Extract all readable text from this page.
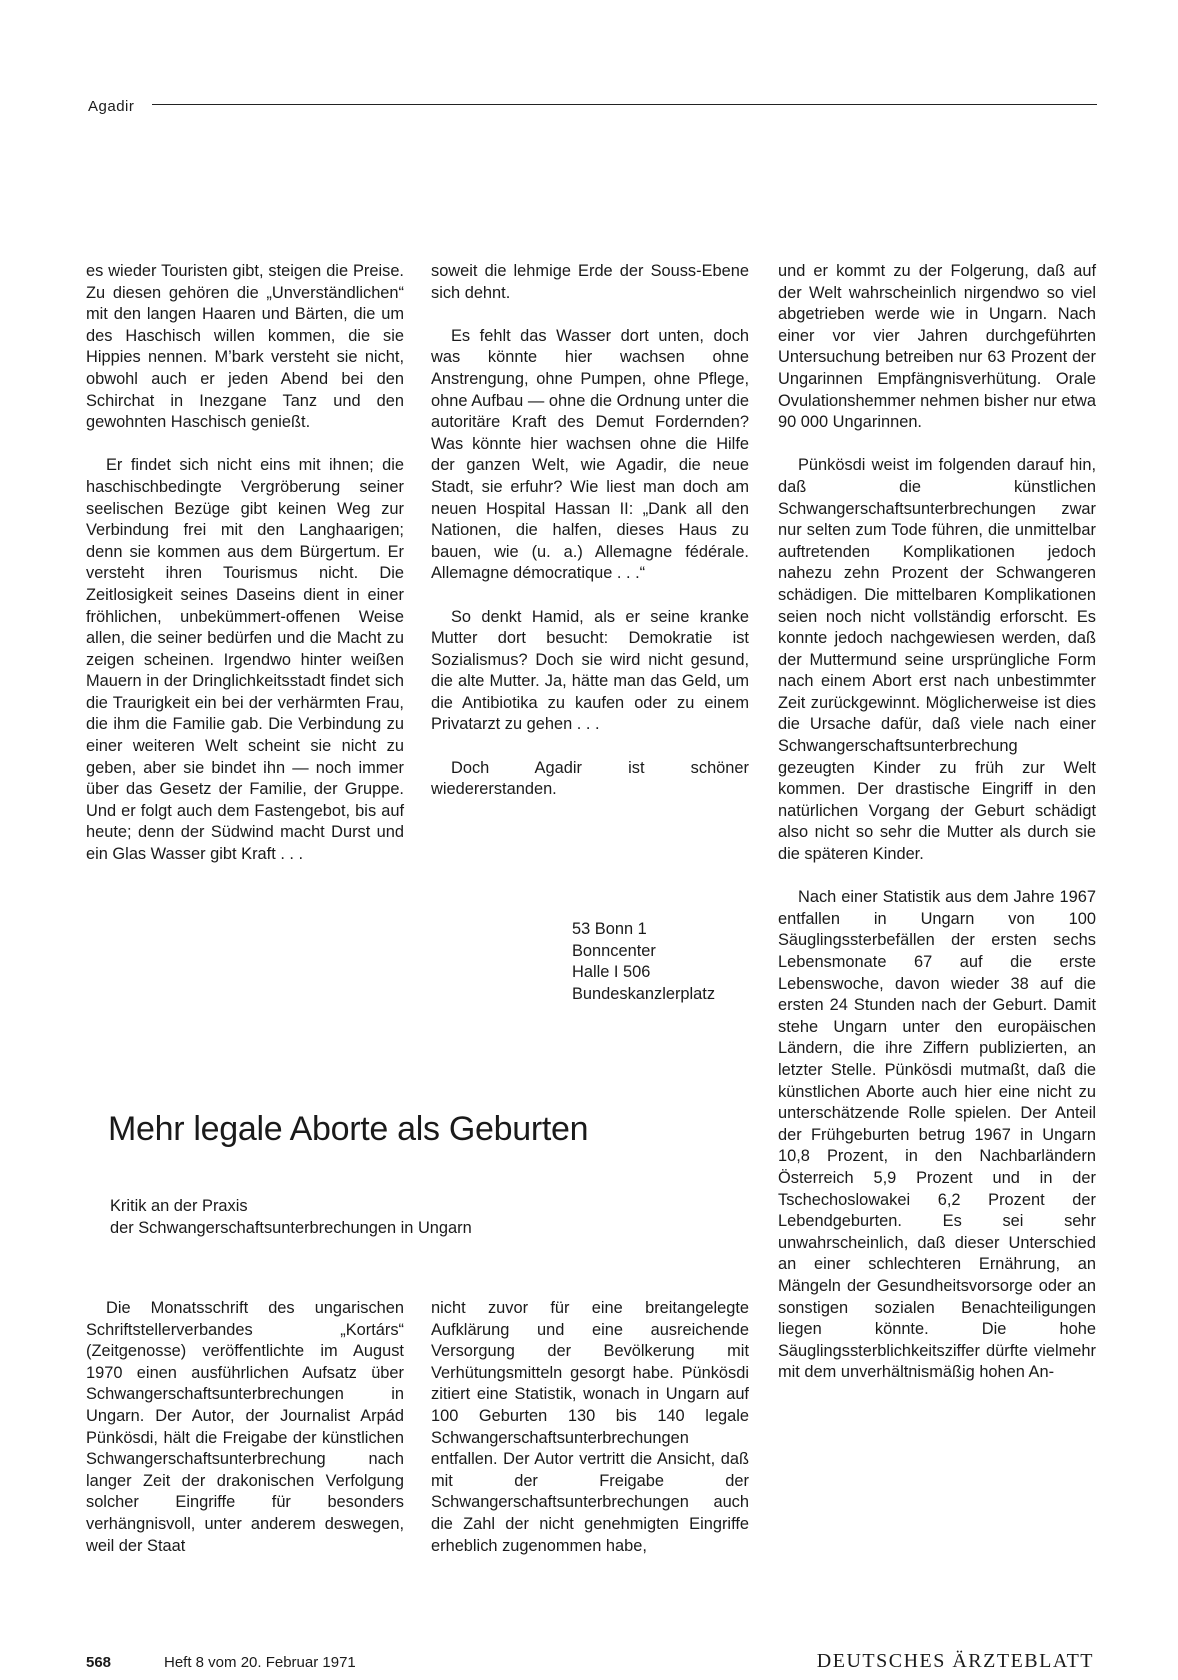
Agadir

es wieder Touristen gibt, steigen die Preise. Zu diesen gehören die „Unverständlichen“ mit den langen Haaren und Bärten, die um des Haschisch willen kommen, die sie Hippies nennen. M’bark versteht sie nicht, obwohl auch er jeden Abend bei den Schirchat in Inezgane Tanz und den gewohnten Haschisch genießt.

Er findet sich nicht eins mit ihnen; die haschischbedingte Vergröberung seiner seelischen Bezüge gibt keinen Weg zur Verbindung frei mit den Langhaarigen; denn sie kommen aus dem Bürgertum. Er versteht ihren Tourismus nicht. Die Zeitlosigkeit seines Daseins dient in einer fröhlichen, unbekümmert-offenen Weise allen, die seiner bedürfen und die Macht zu zeigen scheinen. Irgendwo hinter weißen Mauern in der Dringlichkeitsstadt findet sich die Traurigkeit ein bei der verhärmten Frau, die ihm die Familie gab. Die Verbindung zu einer weiteren Welt scheint sie nicht zu geben, aber sie bindet ihn — noch immer über das Gesetz der Familie, der Gruppe. Und er folgt auch dem Fastengebot, bis auf heute; denn der Südwind macht Durst und ein Glas Wasser gibt Kraft . . .

soweit die lehmige Erde der Souss-Ebene sich dehnt.

Es fehlt das Wasser dort unten, doch was könnte hier wachsen ohne Anstrengung, ohne Pumpen, ohne Pflege, ohne Aufbau — ohne die Ordnung unter die autoritäre Kraft des Demut Fordernden? Was könnte hier wachsen ohne die Hilfe der ganzen Welt, wie Agadir, die neue Stadt, sie erfuhr? Wie liest man doch am neuen Hospital Hassan II: „Dank all den Nationen, die halfen, dieses Haus zu bauen, wie (u. a.) Allemagne fédérale. Allemagne démocratique . . .“

So denkt Hamid, als er seine kranke Mutter dort besucht: Demokratie ist Sozialismus? Doch sie wird nicht gesund, die alte Mutter. Ja, hätte man das Geld, um die Antibiotika zu kaufen oder zu einem Privatarzt zu gehen . . .

Doch Agadir ist schöner wiedererstanden.

53 Bonn 1
Bonncenter
Halle I 506
Bundeskanzlerplatz

und er kommt zu der Folgerung, daß auf der Welt wahrscheinlich nirgendwo so viel abgetrieben werde wie in Ungarn. Nach einer vor vier Jahren durchgeführten Untersuchung betreiben nur 63 Prozent der Ungarinnen Empfängnisverhütung. Orale Ovulationshemmer nehmen bisher nur etwa 90 000 Ungarinnen.

Pünkösdi weist im folgenden darauf hin, daß die künstlichen Schwangerschaftsunterbrechungen zwar nur selten zum Tode führen, die unmittelbar auftretenden Komplikationen jedoch nahezu zehn Prozent der Schwangeren schädigen. Die mittelbaren Komplikationen seien noch nicht vollständig erforscht. Es konnte jedoch nachgewiesen werden, daß der Muttermund seine ursprüngliche Form nach einem Abort erst nach unbestimmter Zeit zurückgewinnt. Möglicherweise ist dies die Ursache dafür, daß viele nach einer Schwangerschaftsunterbrechung gezeugten Kinder zu früh zur Welt kommen. Der drastische Eingriff in den natürlichen Vorgang der Geburt schädigt also nicht so sehr die Mutter als durch sie die späteren Kinder.

Nach einer Statistik aus dem Jahre 1967 entfallen in Ungarn von 100 Säuglingssterbefällen der ersten sechs Lebensmonate 67 auf die erste Lebenswoche, davon wieder 38 auf die ersten 24 Stunden nach der Geburt. Damit stehe Ungarn unter den europäischen Ländern, die ihre Ziffern publizierten, an letzter Stelle. Pünkösdi mutmaßt, daß die künstlichen Aborte auch hier eine nicht zu unterschätzende Rolle spielen. Der Anteil der Frühgeburten betrug 1967 in Ungarn 10,8 Prozent, in den Nachbarländern Österreich 5,9 Prozent und in der Tschechoslowakei 6,2 Prozent der Lebendgeburten. Es sei sehr unwahrscheinlich, daß dieser Unterschied an einer schlechteren Ernährung, an Mängeln der Gesundheitsvorsorge oder an sonstigen sozialen Benachteiligungen liegen könnte. Die hohe Säuglingssterblichkeitsziffer dürfte vielmehr mit dem unverhältnismäßig hohen An-

Mehr legale Aborte als Geburten
Kritik an der Praxis
der Schwangerschaftsunterbrechungen in Ungarn

Die Monatsschrift des ungarischen Schriftstellerverbandes „Kortárs“ (Zeitgenosse) veröffentlichte im August 1970 einen ausführlichen Aufsatz über Schwangerschaftsunterbrechungen in Ungarn. Der Autor, der Journalist Arpád Pünkösdi, hält die Freigabe der künstlichen Schwangerschaftsunterbrechung nach langer Zeit der drakonischen Verfolgung solcher Eingriffe für besonders verhängnisvoll, unter anderem deswegen, weil der Staat

nicht zuvor für eine breitangelegte Aufklärung und eine ausreichende Versorgung der Bevölkerung mit Verhütungsmitteln gesorgt habe. Pünkösdi zitiert eine Statistik, wonach in Ungarn auf 100 Geburten 130 bis 140 legale Schwangerschaftsunterbrechungen entfallen. Der Autor vertritt die Ansicht, daß mit der Freigabe der Schwangerschaftsunterbrechungen auch die Zahl der nicht genehmigten Eingriffe erheblich zugenommen habe,

568	Heft 8 vom 20. Februar 1971	DEUTSCHES ÄRZTEBLATT
